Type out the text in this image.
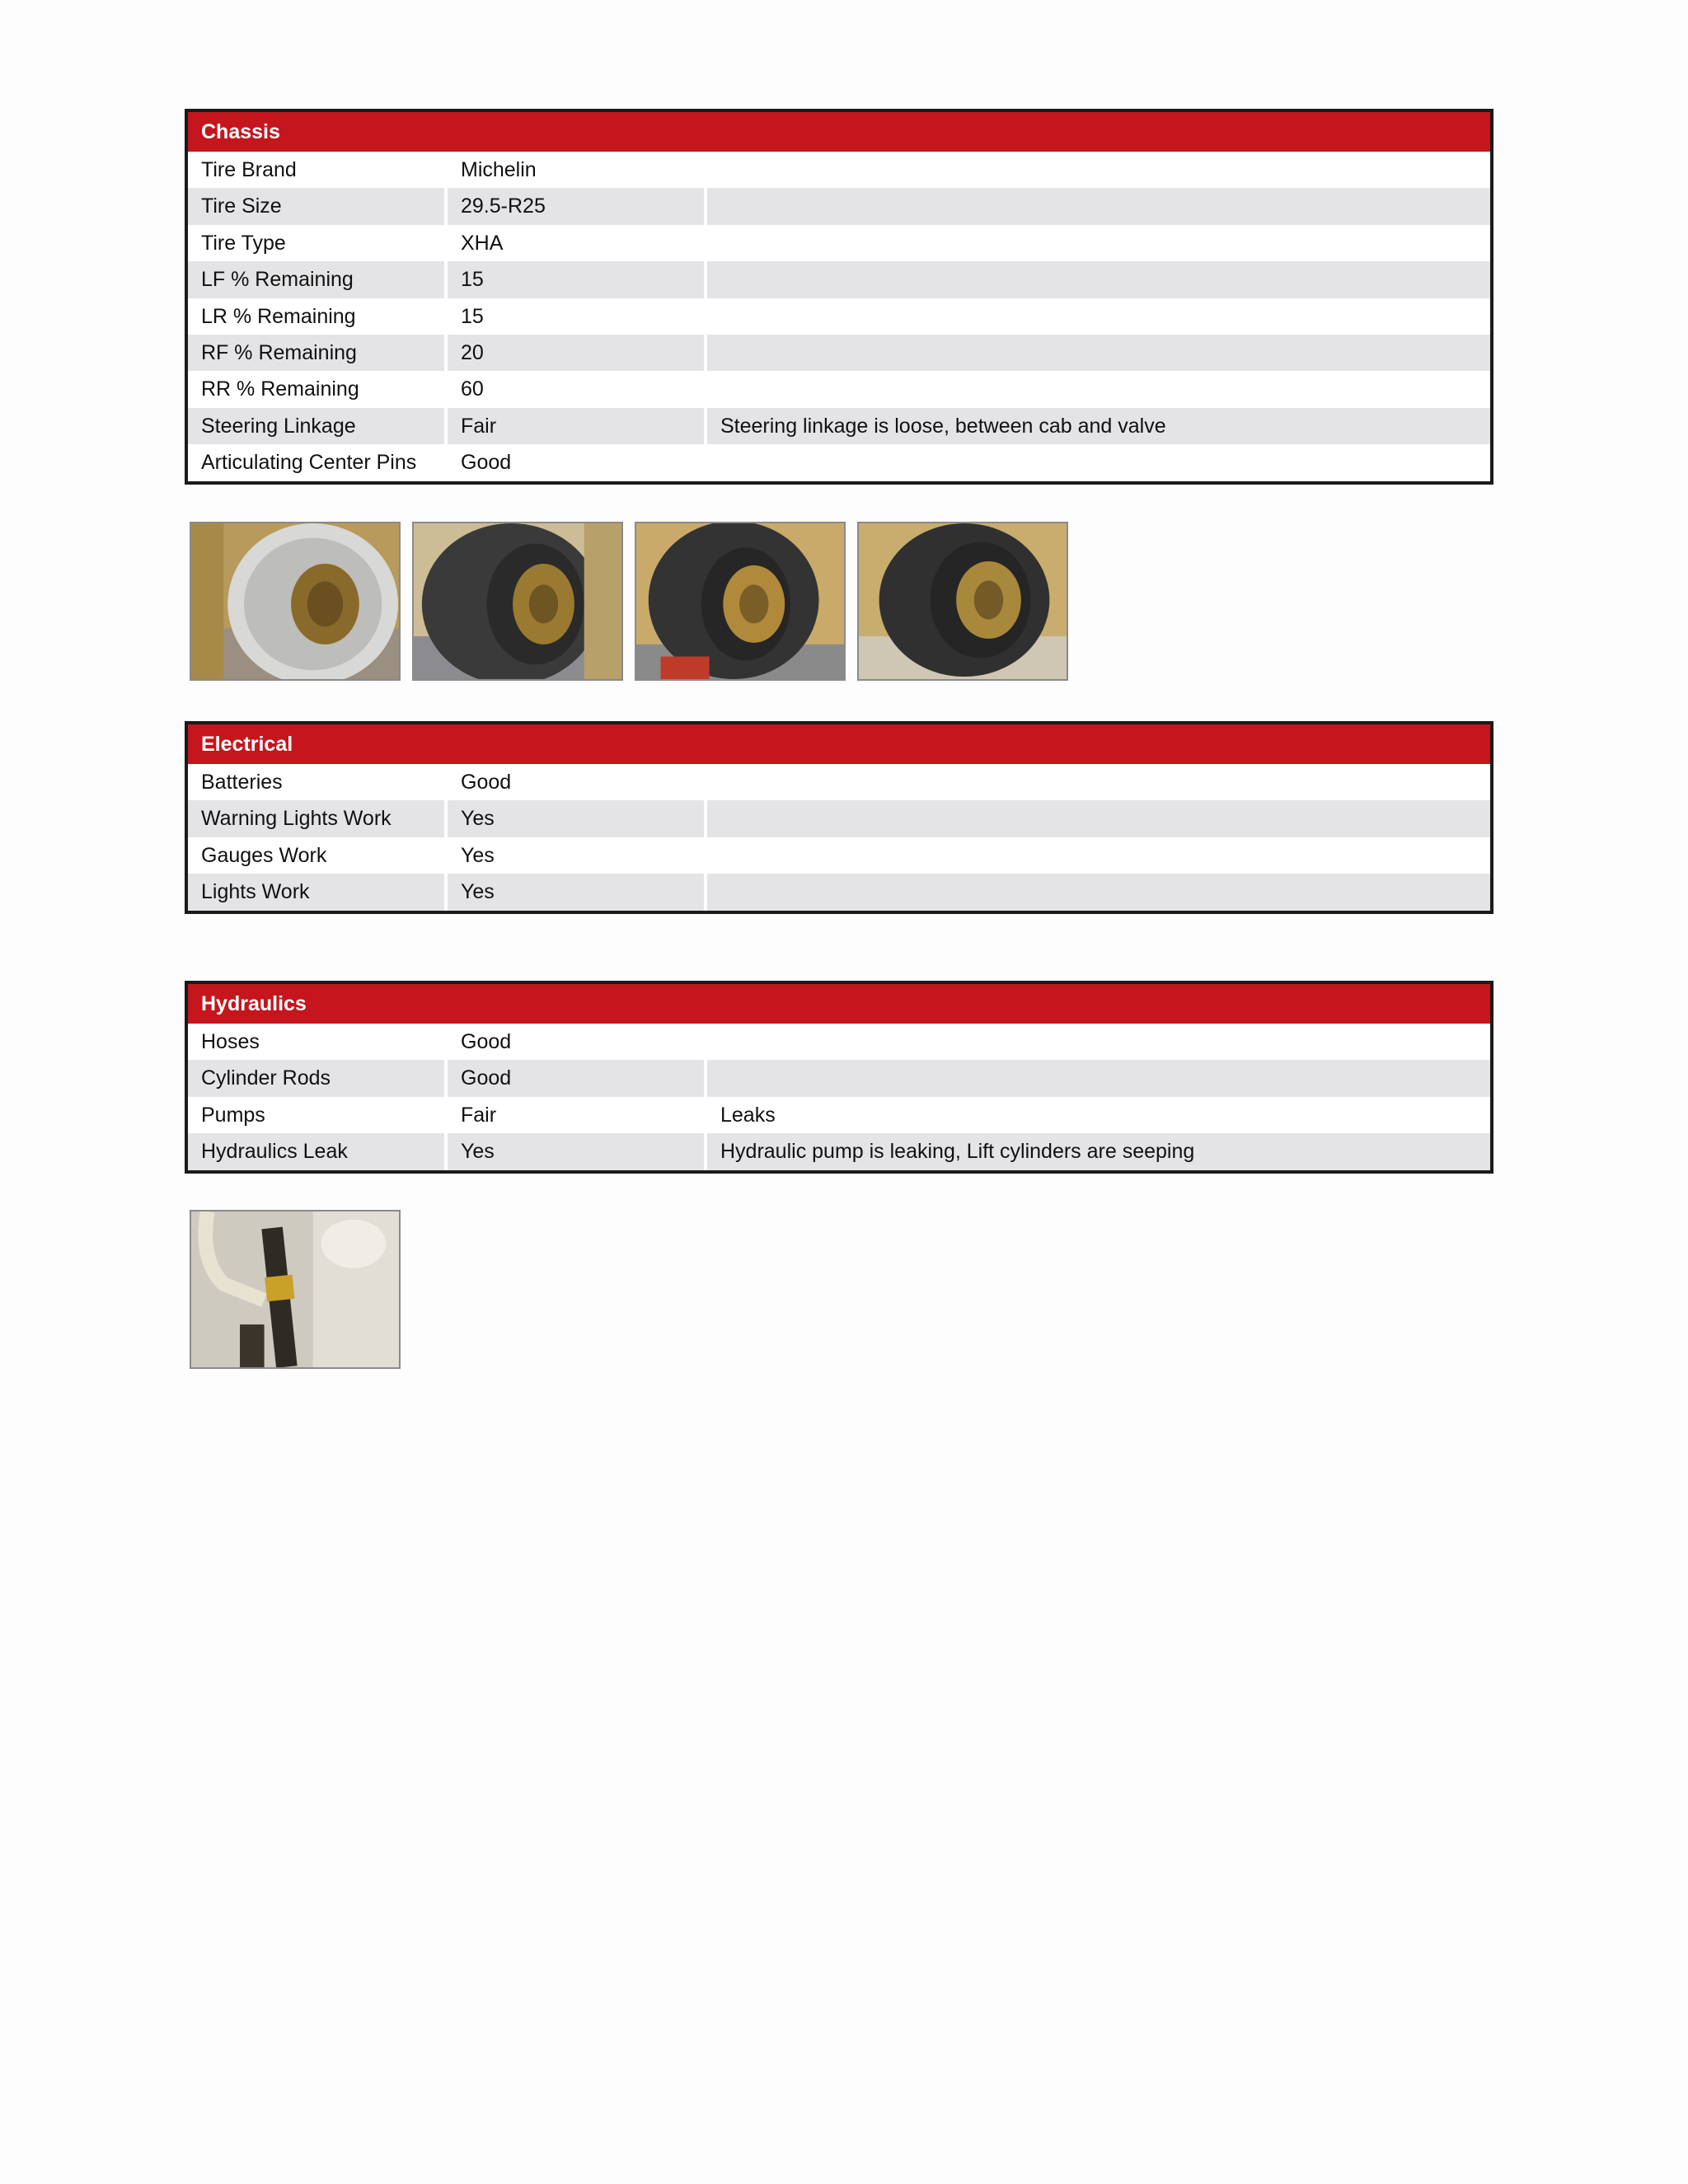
Chassis
Tire Brand	Michelin
Tire Size	29.5-R25
Tire Type	XHA
LF % Remaining	15
LR % Remaining	15
RF % Remaining	20
RR % Remaining	60
Steering Linkage	Fair	Steering linkage is loose, between cab and valve
Articulating Center Pins	Good
Electrical
Batteries	Good
Warning Lights Work	Yes
Gauges Work	Yes
Lights Work	Yes
Hydraulics
Hoses	Good
Cylinder Rods	Good
Pumps	Fair	Leaks
Hydraulics Leak	Yes	Hydraulic pump is leaking, Lift cylinders are seeping
